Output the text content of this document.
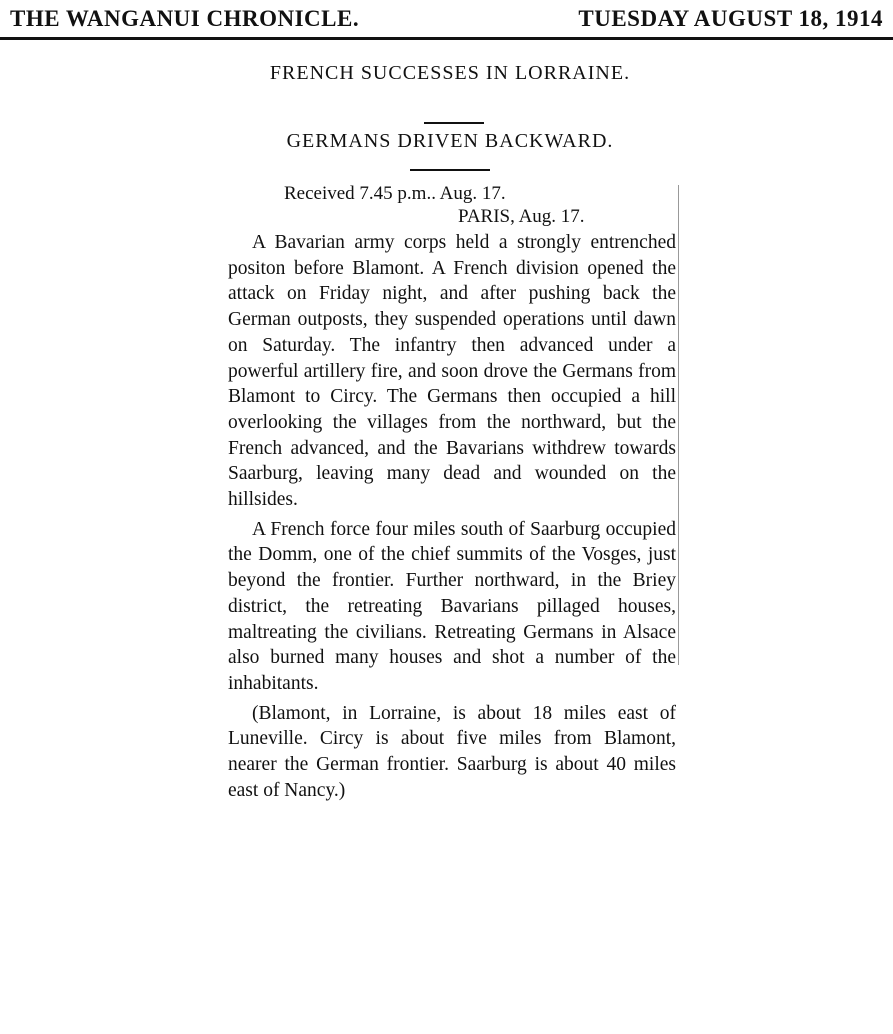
THE WANGANUI CHRONICLE.	TUESDAY AUGUST 18, 1914
FRENCH SUCCESSES IN LORRAINE.
GERMANS DRIVEN BACKWARD.
Received 7.45 p.m.. Aug. 17.
PARIS, Aug. 17.

A Bavarian army corps held a strongly entrenched positon before Blamont. A French division opened the attack on Friday night, and after pushing back the German outposts, they suspended operations until dawn on Saturday. The infantry then advanced under a powerful artillery fire, and soon drove the Germans from Blamont to Circy. The Germans then occupied a hill overlooking the villages from the northward, but the French advanced, and the Bavarians withdrew towards Saarburg, leaving many dead and wounded on the hillsides.

A French force four miles south of Saarburg occupied the Domm, one of the chief summits of the Vosges, just beyond the frontier. Further northward, in the Briey district, the retreating Bavarians pillaged houses, maltreating the civilians. Retreating Germans in Alsace also burned many houses and shot a number of the inhabitants.

(Blamont, in Lorraine, is about 18 miles east of Luneville. Circy is about five miles from Blamont, nearer the German frontier. Saarburg is about 40 miles east of Nancy.)
